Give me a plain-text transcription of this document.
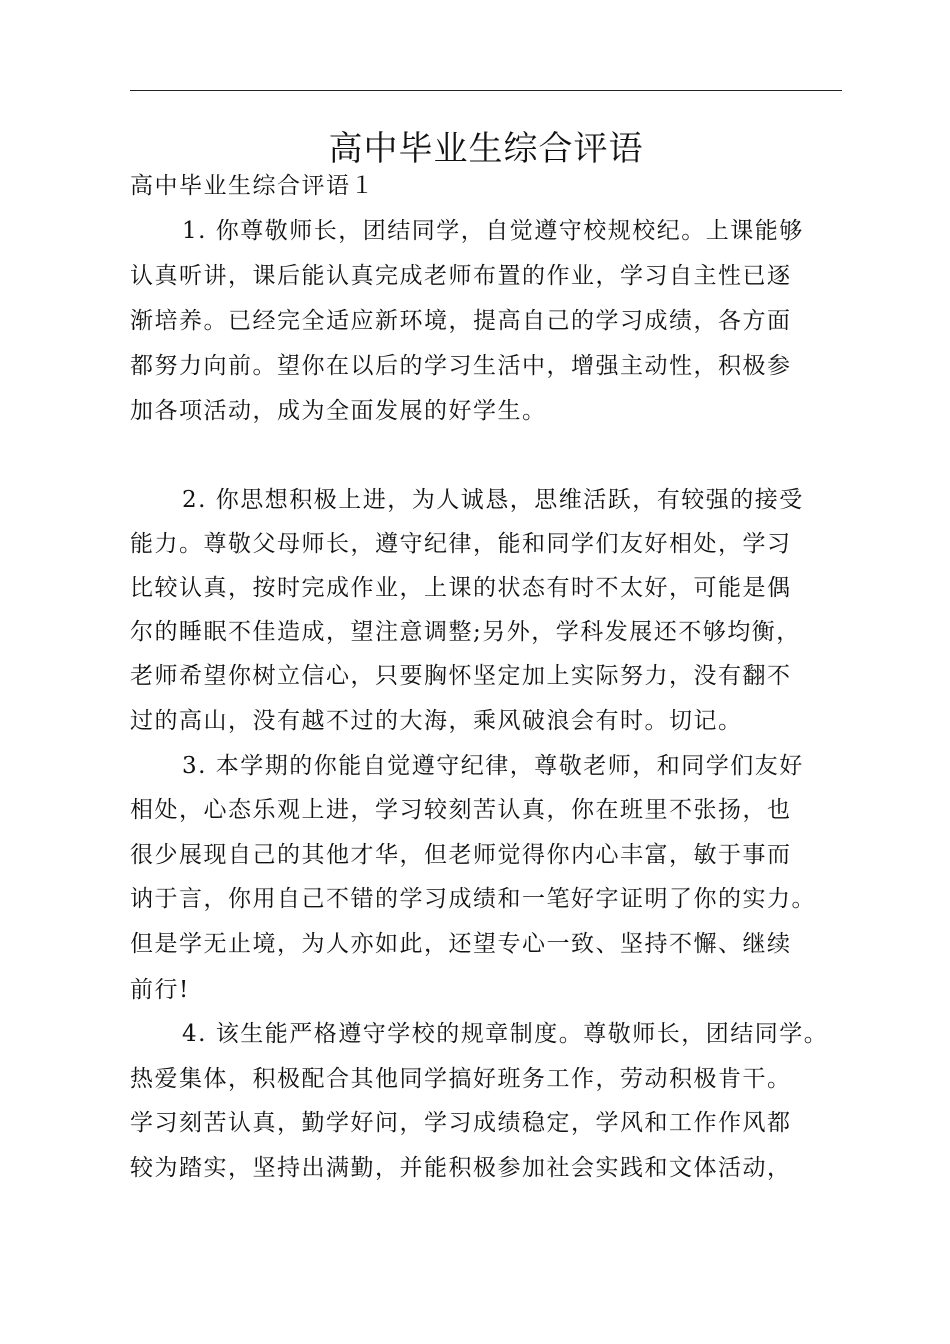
高中毕业生综合评语
高中毕业生综合评语１
1. 你尊敬师长，团结同学，自觉遵守校规校纪。上课能够
认真听讲，课后能认真完成老师布置的作业，学习自主性已逐
渐培养。已经完全适应新环境，提高自己的学习成绩，各方面
都努力向前。望你在以后的学习生活中，增强主动性，积极参
加各项活动，成为全面发展的好学生。
2. 你思想积极上进，为人诚恳，思维活跃，有较强的接受
能力。尊敬父母师长，遵守纪律，能和同学们友好相处，学习
比较认真，按时完成作业，上课的状态有时不太好，可能是偶
尔的睡眠不佳造成，望注意调整;另外，学科发展还不够均衡，
老师希望你树立信心，只要胸怀坚定加上实际努力，没有翻不
过的高山，没有越不过的大海，乘风破浪会有时。切记。
3. 本学期的你能自觉遵守纪律，尊敬老师，和同学们友好
相处，心态乐观上进，学习较刻苦认真，你在班里不张扬，也
很少展现自己的其他才华，但老师觉得你内心丰富，敏于事而
讷于言，你用自己不错的学习成绩和一笔好字证明了你的实力。
但是学无止境，为人亦如此，还望专心一致、坚持不懈、继续
前行!
4. 该生能严格遵守学校的规章制度。尊敬师长，团结同学。
热爱集体，积极配合其他同学搞好班务工作，劳动积极肯干。
学习刻苦认真，勤学好问，学习成绩稳定，学风和工作作风都
较为踏实，坚持出满勤，并能积极参加社会实践和文体活动，
